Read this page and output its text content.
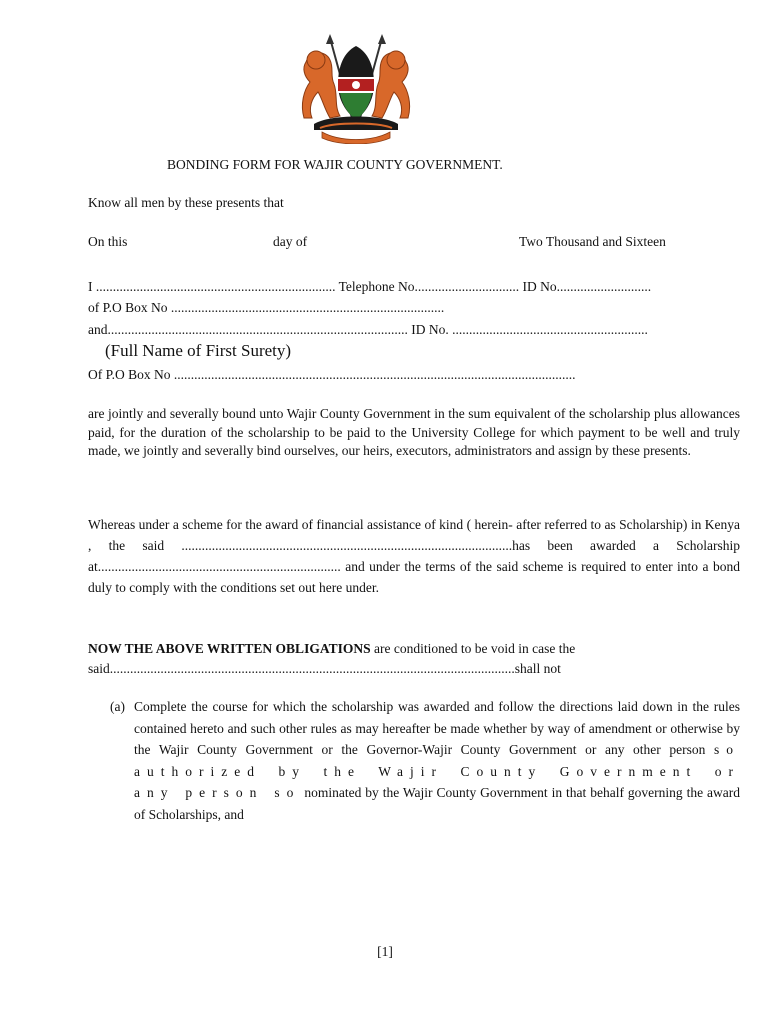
BONDING FORM FOR WAJIR COUNTY GOVERNMENT.
Know all men by these presents that
On this	day of	Two Thousand and Sixteen
I ....................................................................... Telephone No............................... ID No............................
of P.O Box No .................................................................................
and......................................................................................... ID No. ..........................................................
(Full Name of First Surety)
Of P.O Box No .......................................................................................................................
are jointly and severally bound unto Wajir County Government in the sum equivalent of the scholarship plus allowances paid, for the duration of the scholarship to be paid to the University College for which payment to be well and truly made, we jointly and severally bind ourselves, our heirs, executors, administrators and assign by these presents.
Whereas under a scheme for the award of financial assistance of kind ( herein- after referred to as Scholarship) in Kenya , the said ..................................................................................................has been awarded a Scholarship at........................................................................ and under the terms of the said scheme is required to enter into a bond duly to comply with the conditions set out here under.
NOW THE ABOVE WRITTEN OBLIGATIONS are conditioned to be void in case the
said........................................................................................................................shall not
(a) Complete the course for which the scholarship was awarded and follow the directions laid down in the rules contained hereto and such other rules as may hereafter be made whether by way of amendment or otherwise by the Wajir County Government or the Governor-Wajir County Government or any other person so authorized by the Wajir County Government or any person so nominated by the Wajir County Government in that behalf governing the award of Scholarships, and
[1]
